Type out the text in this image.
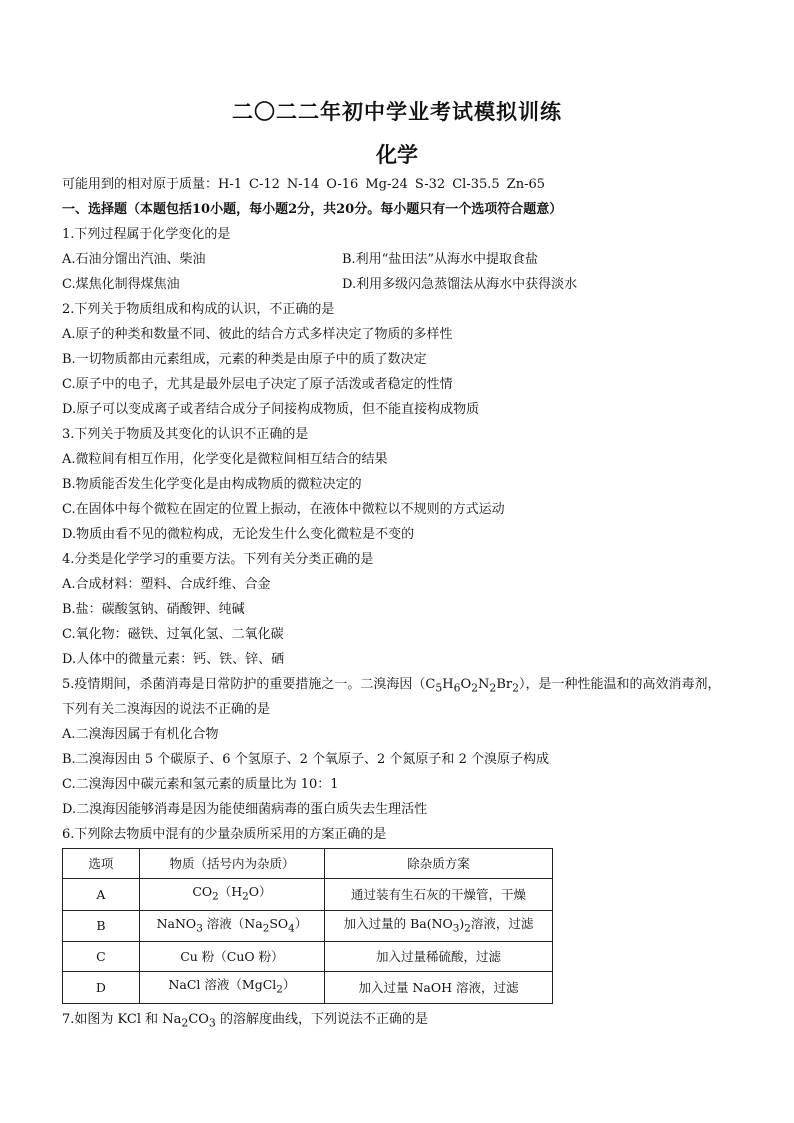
二〇二二年初中学业考试模拟训练
化学
可能用到的相对原于质量：H-1 C-12 N-14 O-16 Mg-24 S-32 Cl-35.5 Zn-65
一、选择题（本题包括10小题，每小题2分，共20分。每小题只有一个选项符合题意）
1.下列过程属于化学变化的是
A.石油分馏出汽油、柴油	B.利用“盐田法”从海水中提取食盐
C.煤焦化制得煤焦油	D.利用多级闪急蒸馏法从海水中获得淡水
2.下列关于物质组成和构成的认识，不正确的是
A.原子的种类和数量不同、彼此的结合方式多样决定了物质的多样性
B.一切物质都由元素组成，元素的种类是由原子中的质了数决定
C.原子中的电子，尤其是最外层电子决定了原子活泼或者稳定的性情
D.原子可以变成离子或者结合成分子间接构成物质，但不能直接构成物质
3.下列关于物质及其变化的认识不正确的是
A.微粒间有相互作用，化学变化是微粒间相互结合的结果
B.物质能否发生化学变化是由构成物质的微粒决定的
C.在固体中每个微粒在固定的位置上振动，在液体中微粒以不规则的方式运动
D.物质由看不见的微粒构成，无论发生什么变化微粒是不变的
4.分类是化学学习的重要方法。下列有关分类正确的是
A.合成材料：塑料、合成纤维、合金
B.盐：碳酸氢钠、硝酸钾、纯碱
C.氧化物：磁铁、过氧化氢、二氧化碳
D.人体中的微量元素：钙、铁、锌、硒
5.疫情期间，杀菌消毒是日常防护的重要措施之一。二溴海因$(C_5H_6O_2N_2Br_2)$，是一种性能温和的高效消毒剂，
下列有关二溴海因的说法不正确的是
A.二溴海因属于有机化合物
B.二溴海因由 5 个碳原子、6 个氢原子、2 个氧原子、2 个氮原子和 2 个溴原子构成
C.二溴海因中碳元素和氢元素的质量比为 10：1
D.二溴海因能够消毒是因为能使细菌病毒的蛋白质失去生理活性
6.下列除去物质中混有的少量杂质所采用的方案正确的是
选项	物质（括号内为杂质）	除杂质方案
A	$CO_2(H_2O)$	通过装有生石灰的干燥管，干燥
B	NaNO$_3$ 溶液$(Na_2SO_4)$	加入过量的 $Ba(NO_3)_2$溶液，过滤
C	Cu 粉（CuO 粉）	加入过量稀硫酸，过滤
D	NaCl 溶液（MgCl$_2$）	加入过量 NaOH 溶液，过滤
7.如图为 KCl 和 $Na_2CO_3$ 的溶解度曲线，下列说法不正确的是
